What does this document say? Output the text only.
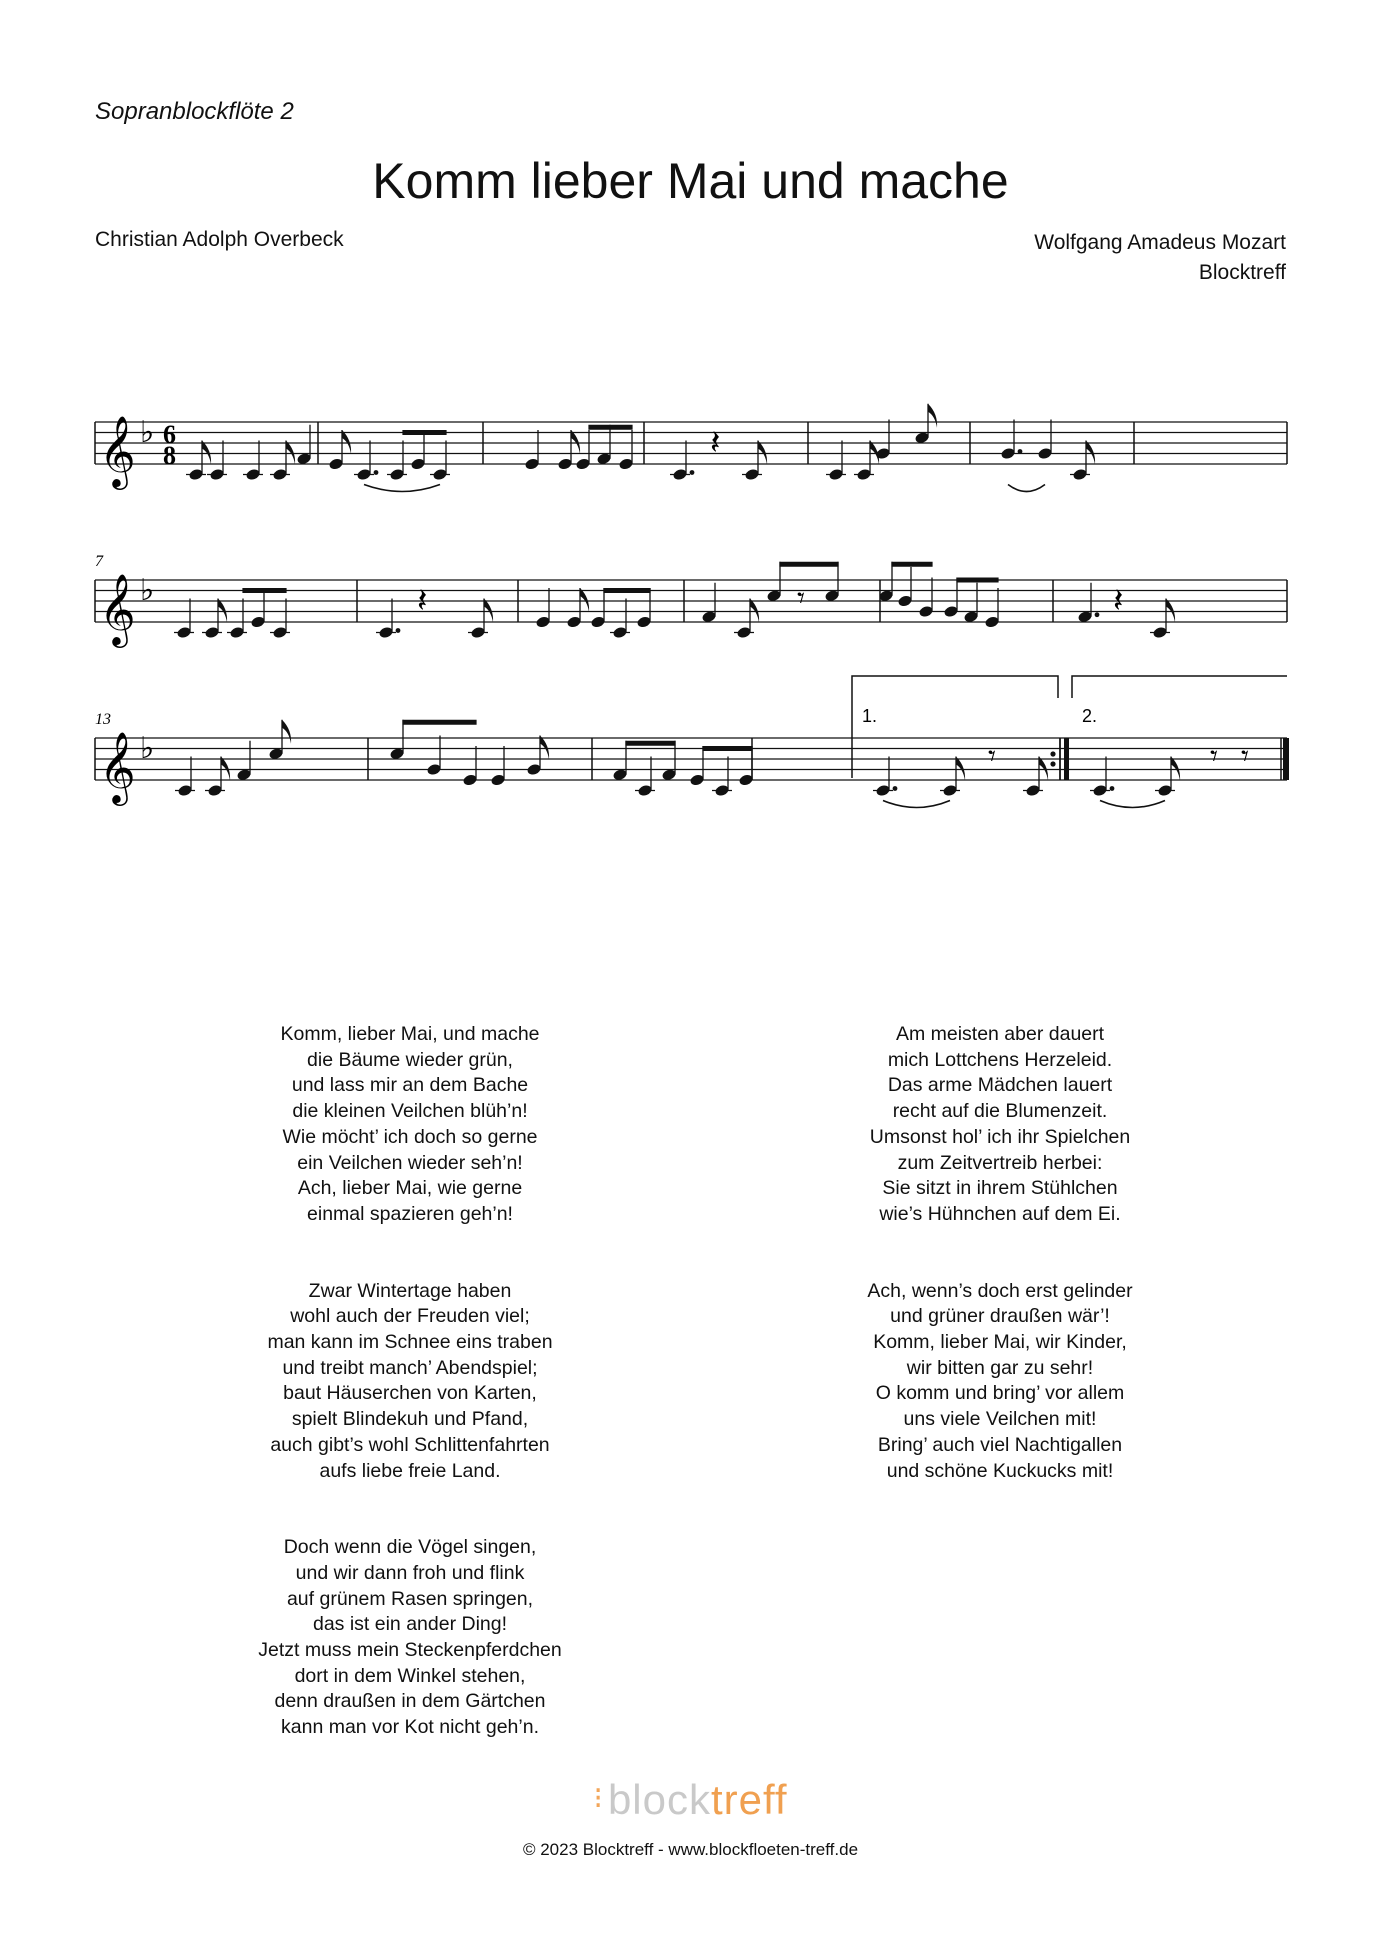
Sopranblockflöte 2
Komm lieber Mai und mache
Christian Adolph Overbeck	Wolfgang Amadeus Mozart
Blocktreff
𝄞 ♭ 6
8
𝄞 ♭
𝄞 ♭
𝄽
𝄽	𝄾	𝄽
𝄾	𝄾 𝄾
7
13	1.	2.
Komm, lieber Mai, und mache
die Bäume wieder grün,
und lass mir an dem Bache
die kleinen Veilchen blüh’n!
Wie möcht’ ich doch so gerne
ein Veilchen wieder seh’n!
Ach, lieber Mai, wie gerne
einmal spazieren geh’n!
Zwar Wintertage haben
wohl auch der Freuden viel;
man kann im Schnee eins traben
und treibt manch’ Abendspiel;
baut Häuserchen von Karten,
spielt Blindekuh und Pfand,
auch gibt’s wohl Schlittenfahrten
aufs liebe freie Land.
Doch wenn die Vögel singen,
und wir dann froh und flink
auf grünem Rasen springen,
das ist ein ander Ding!
Jetzt muss mein Steckenpferdchen
dort in dem Winkel stehen,
denn draußen in dem Gärtchen
kann man vor Kot nicht geh’n.
Am meisten aber dauert
mich Lottchens Herzeleid.
Das arme Mädchen lauert
recht auf die Blumenzeit.
Umsonst hol’ ich ihr Spielchen
zum Zeitvertreib herbei:
Sie sitzt in ihrem Stühlchen
wie’s Hühnchen auf dem Ei.
Ach, wenn’s doch erst gelinder
und grüner draußen wär’!
Komm, lieber Mai, wir Kinder,
wir bitten gar zu sehr!
O komm und bring’ vor allem
uns viele Veilchen mit!
Bring’ auch viel Nachtigallen
und schöne Kuckucks mit!
⁝blocktreff
© 2023 Blocktreff - www.blockfloeten-treff.de
